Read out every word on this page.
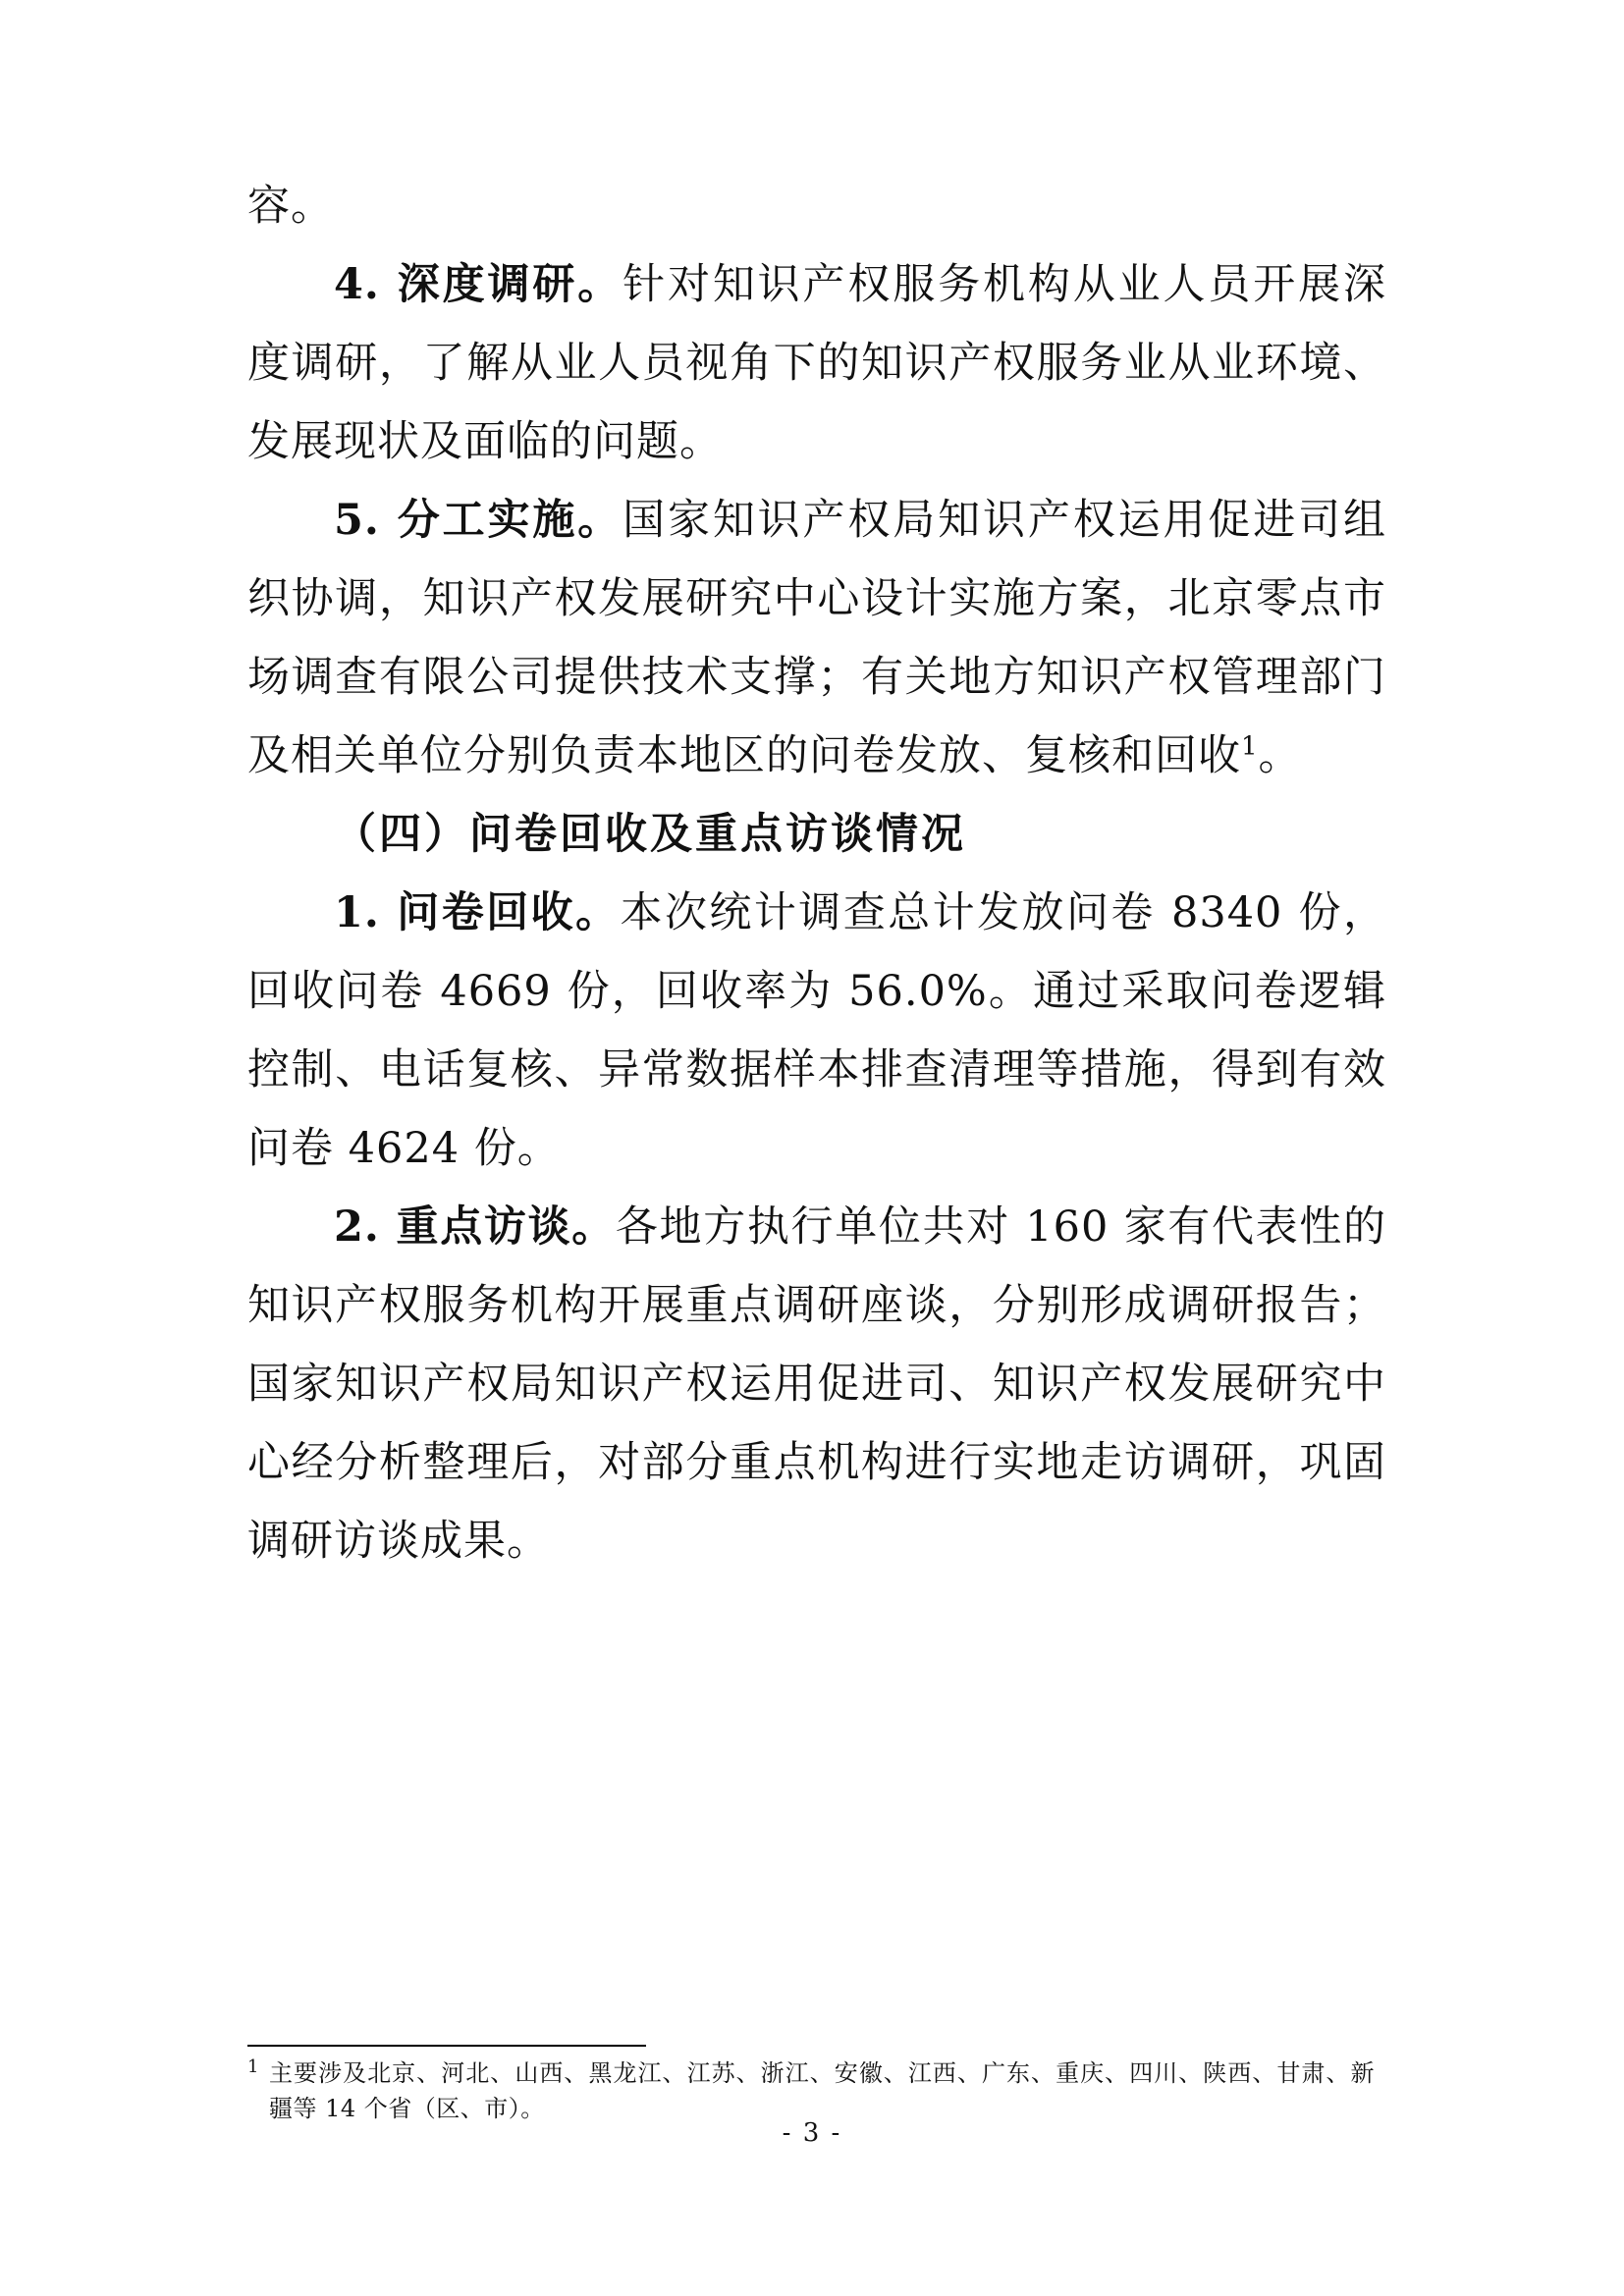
容。

4. 深度调研。针对知识产权服务机构从业人员开展深度调研，了解从业人员视角下的知识产权服务业从业环境、发展现状及面临的问题。

5. 分工实施。国家知识产权局知识产权运用促进司组织协调，知识产权发展研究中心设计实施方案，北京零点市场调查有限公司提供技术支撑；有关地方知识产权管理部门及相关单位分别负责本地区的问卷发放、复核和回收$^1$。

（四）问卷回收及重点访谈情况

1. 问卷回收。本次统计调查总计发放问卷 8340 份，回收问卷 4669 份，回收率为 56.0%。通过采取问卷逻辑控制、电话复核、异常数据样本排查清理等措施，得到有效问卷 4624 份。

2. 重点访谈。各地方执行单位共对 160 家有代表性的知识产权服务机构开展重点调研座谈，分别形成调研报告；国家知识产权局知识产权运用促进司、知识产权发展研究中心经分析整理后，对部分重点机构进行实地走访调研，巩固调研访谈成果。

1 主要涉及北京、河北、山西、黑龙江、江苏、浙江、安徽、江西、广东、重庆、四川、陕西、甘肃、新疆等 14 个省（区、市）。

- 3 -
